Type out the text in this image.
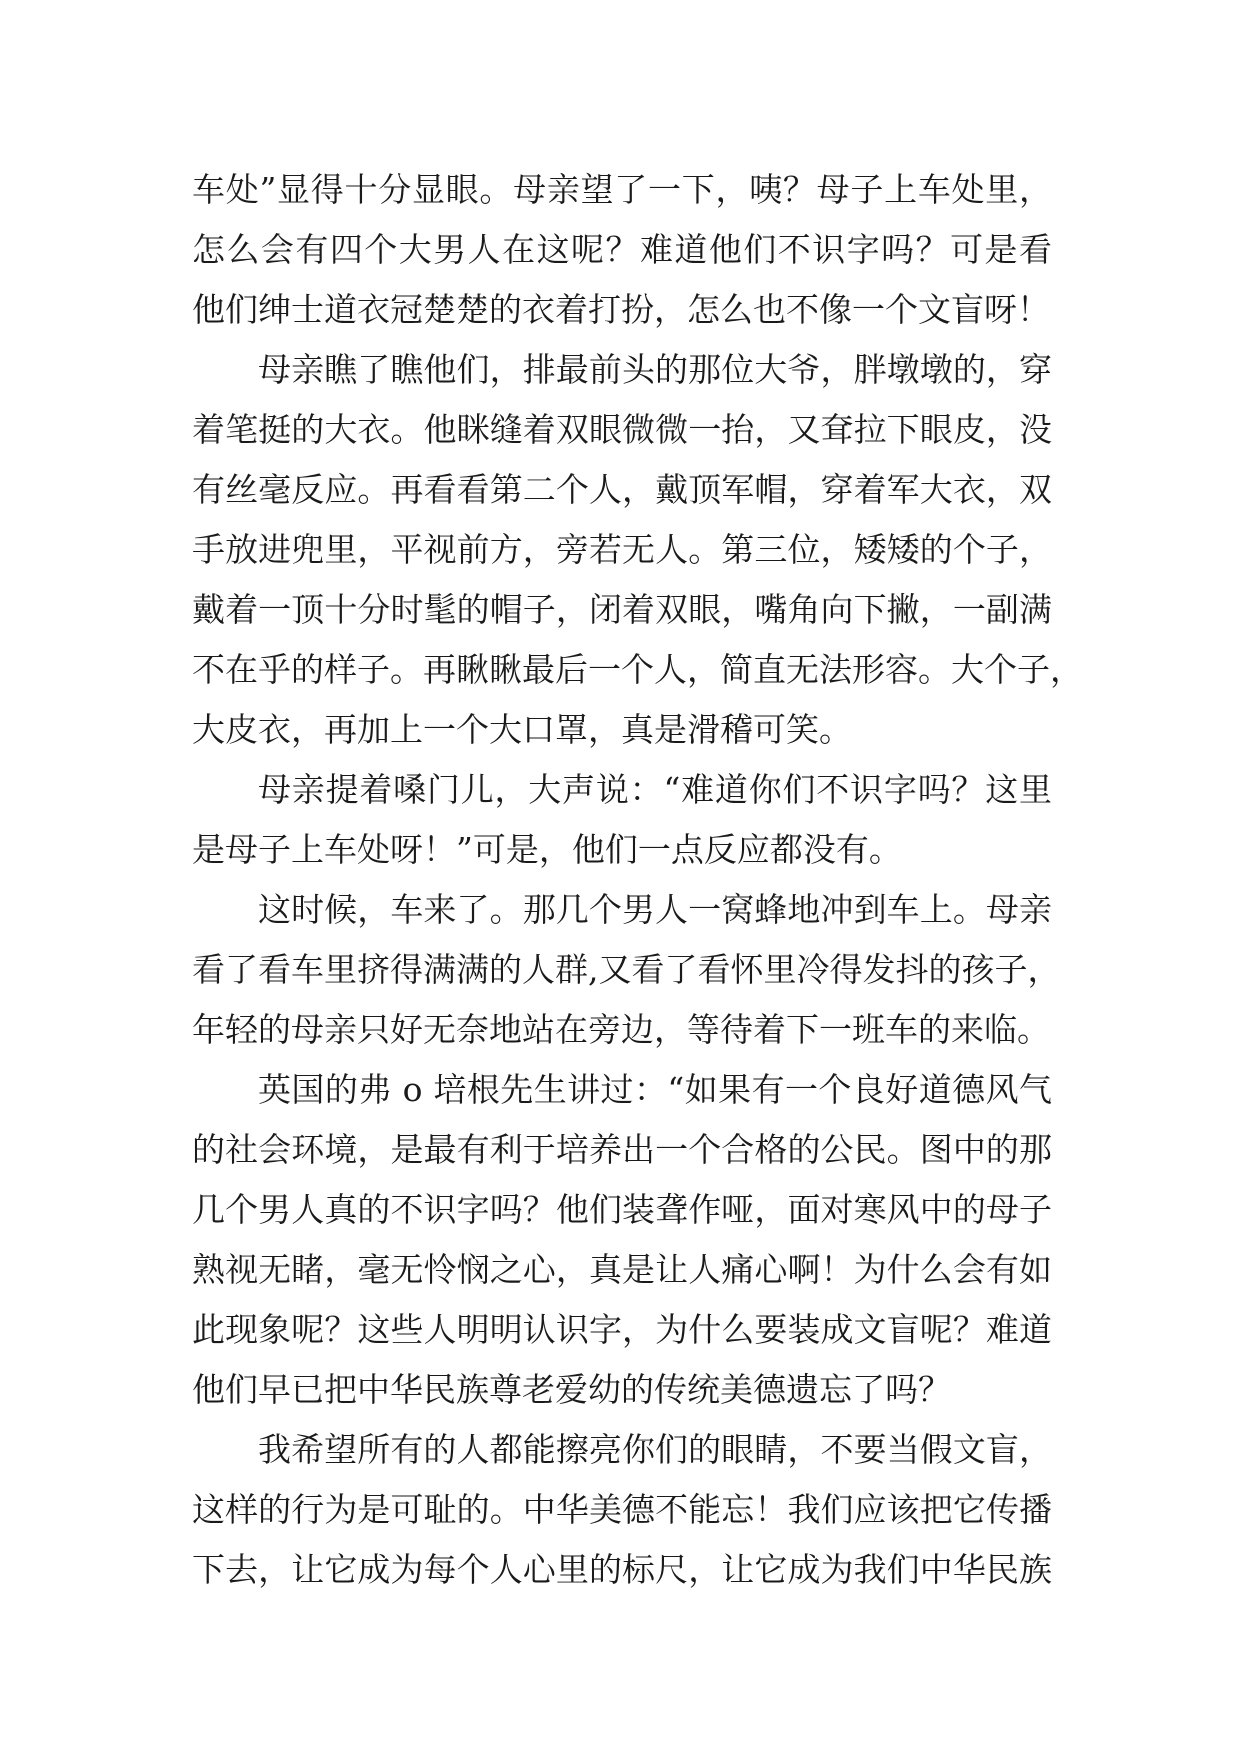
车处”显得十分显眼。母亲望了一下，咦？母子上车处里，
怎么会有四个大男人在这呢？难道他们不识字吗？可是看
他们绅士道衣冠楚楚的衣着打扮，怎么也不像一个文盲呀！
母亲瞧了瞧他们，排最前头的那位大爷，胖墩墩的，穿
着笔挺的大衣。他眯缝着双眼微微一抬，又耷拉下眼皮，没
有丝毫反应。再看看第二个人，戴顶军帽，穿着军大衣，双
手放进兜里，平视前方，旁若无人。第三位，矮矮的个子，
戴着一顶十分时髦的帽子，闭着双眼，嘴角向下撇，一副满
不在乎的样子。再瞅瞅最后一个人，简直无法形容。大个子，
大皮衣，再加上一个大口罩，真是滑稽可笑。
母亲提着嗓门儿，大声说：“难道你们不识字吗？这里
是母子上车处呀！”可是，他们一点反应都没有。
这时候，车来了。那几个男人一窝蜂地冲到车上。母亲
看了看车里挤得满满的人群,又看了看怀里冷得发抖的孩子，
年轻的母亲只好无奈地站在旁边，等待着下一班车的来临。
英国的弗 o 培根先生讲过：“如果有一个良好道德风气
的社会环境，是最有利于培养出一个合格的公民。图中的那
几个男人真的不识字吗？他们装聋作哑，面对寒风中的母子
熟视无睹，毫无怜悯之心，真是让人痛心啊！为什么会有如
此现象呢？这些人明明认识字，为什么要装成文盲呢？难道
他们早已把中华民族尊老爱幼的传统美德遗忘了吗？
我希望所有的人都能擦亮你们的眼睛，不要当假文盲，
这样的行为是可耻的。中华美德不能忘！我们应该把它传播
下去，让它成为每个人心里的标尺，让它成为我们中华民族
